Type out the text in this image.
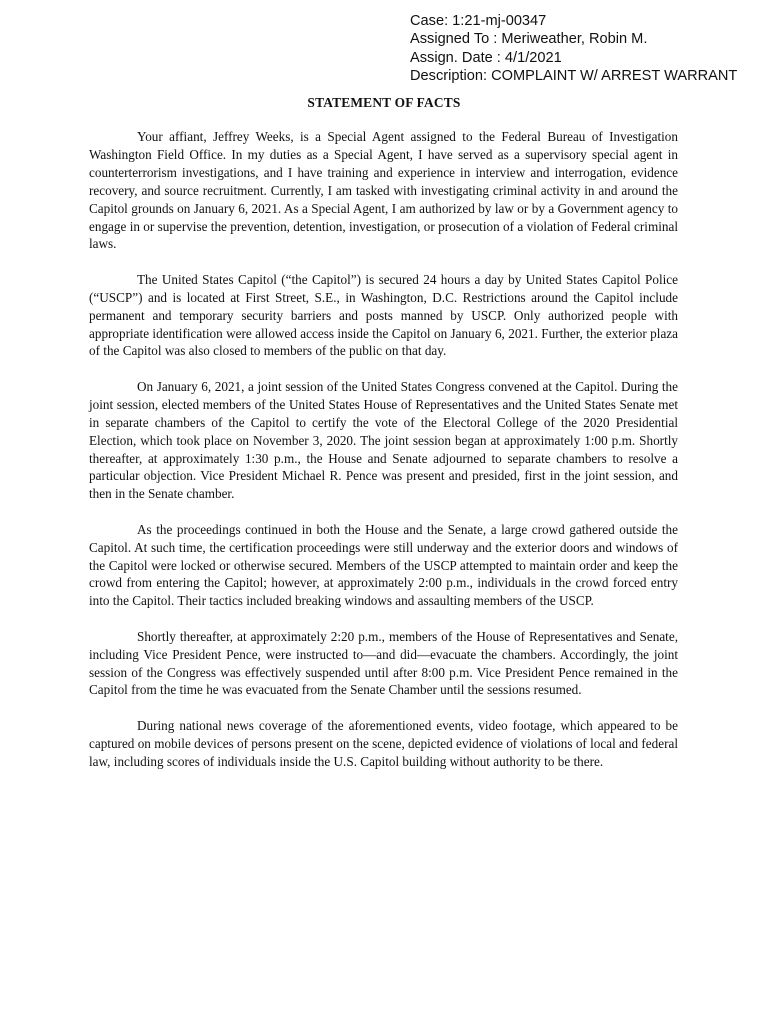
Case: 1:21-mj-00347
Assigned To : Meriweather, Robin M.
Assign. Date : 4/1/2021
Description: COMPLAINT W/ ARREST WARRANT
STATEMENT OF FACTS

Your affiant, Jeffrey Weeks, is a Special Agent assigned to the Federal Bureau of Investigation Washington Field Office. In my duties as a Special Agent, I have served as a supervisory special agent in counterterrorism investigations, and I have training and experience in interview and interrogation, evidence recovery, and source recruitment. Currently, I am tasked with investigating criminal activity in and around the Capitol grounds on January 6, 2021. As a Special Agent, I am authorized by law or by a Government agency to engage in or supervise the prevention, detention, investigation, or prosecution of a violation of Federal criminal laws.

The United States Capitol (“the Capitol”) is secured 24 hours a day by United States Capitol Police (“USCP”) and is located at First Street, S.E., in Washington, D.C. Restrictions around the Capitol include permanent and temporary security barriers and posts manned by USCP. Only authorized people with appropriate identification were allowed access inside the Capitol on January 6, 2021. Further, the exterior plaza of the Capitol was also closed to members of the public on that day.

On January 6, 2021, a joint session of the United States Congress convened at the Capitol. During the joint session, elected members of the United States House of Representatives and the United States Senate met in separate chambers of the Capitol to certify the vote of the Electoral College of the 2020 Presidential Election, which took place on November 3, 2020. The joint session began at approximately 1:00 p.m. Shortly thereafter, at approximately 1:30 p.m., the House and Senate adjourned to separate chambers to resolve a particular objection. Vice President Michael R. Pence was present and presided, first in the joint session, and then in the Senate chamber.

As the proceedings continued in both the House and the Senate, a large crowd gathered outside the Capitol. At such time, the certification proceedings were still underway and the exterior doors and windows of the Capitol were locked or otherwise secured. Members of the USCP attempted to maintain order and keep the crowd from entering the Capitol; however, at approximately 2:00 p.m., individuals in the crowd forced entry into the Capitol. Their tactics included breaking windows and assaulting members of the USCP.

Shortly thereafter, at approximately 2:20 p.m., members of the House of Representatives and Senate, including Vice President Pence, were instructed to—and did—evacuate the chambers. Accordingly, the joint session of the Congress was effectively suspended until after 8:00 p.m. Vice President Pence remained in the Capitol from the time he was evacuated from the Senate Chamber until the sessions resumed.

During national news coverage of the aforementioned events, video footage, which appeared to be captured on mobile devices of persons present on the scene, depicted evidence of violations of local and federal law, including scores of individuals inside the U.S. Capitol building without authority to be there.
